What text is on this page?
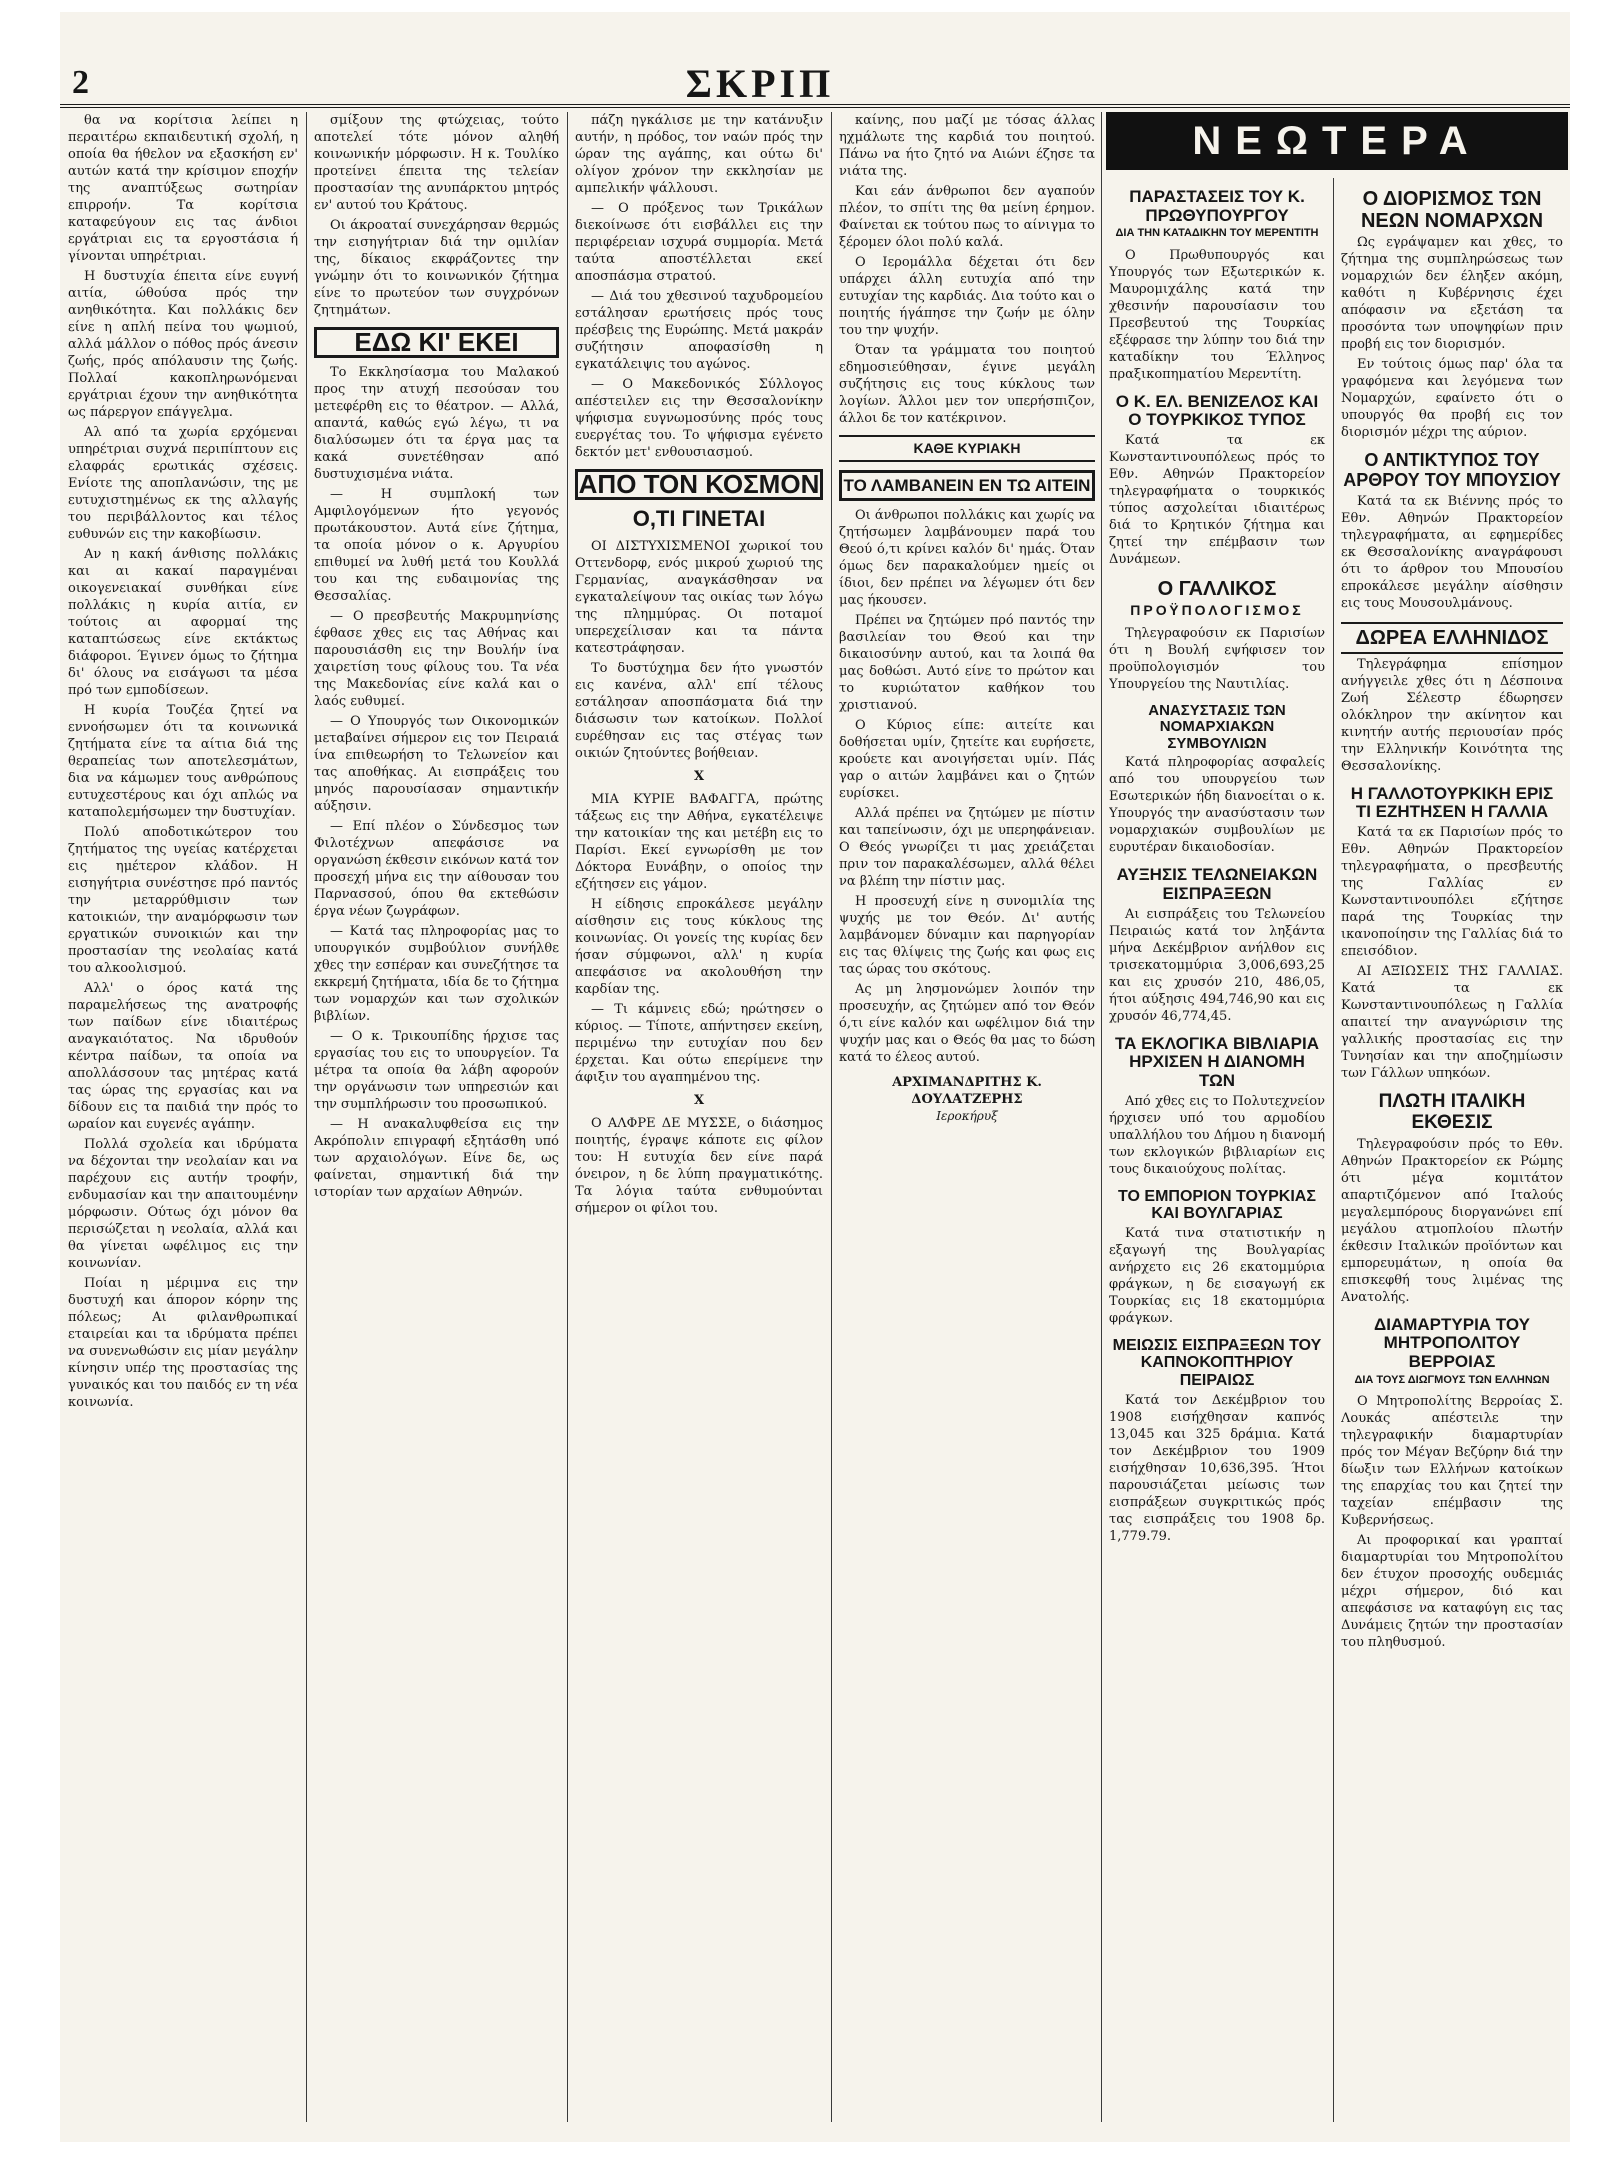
2	ΣΚΡΙΠ

θα να κορίτσια λείπει η περαιτέρω εκπαιδευτική σχολή, η οποία θα ήθελον να εξασκήση εν' αυτών κατά την κρίσιμον εποχήν της αναπτύξεως σωτηρίαν επιρροήν. Τα κορίτσια καταφεύγουν εις τας άνδιοι εργάτριαι εις τα εργοστάσια ή γίνονται υπηρέτριαι.

Η δυστυχία έπειτα είνε ευγνή αιτία, ώθούσα πρός την ανηθικότητα. Και πολλάκις δεν είνε η απλή πείνα του ψωμιού, αλλά μάλλον ο πόθος πρός άνεσιν ζωής, πρός απόλαυσιν της ζωής. Πολλαί κακοπληρωνόμεναι εργάτριαι έχουν την ανηθικότητα ως πάρεργον επάγγελμα.

Αλ από τα χωρία ερχόμεναι υπηρέτριαι συχνά περιπίπτουν εις ελαφράς ερωτικάς σχέσεις. Ενίοτε της αποπλανώσιν, της με ευτυχιστημένως εκ της αλλαγής του περιβάλλοντος και τέλος ευθυνών εις την κακοβίωσιν.

Αν η κακή άνθισης πολλάκις και αι κακαί παραγμέναι οικογενειακαί συνθήκαι είνε πολλάκις η κυρία αιτία, εν τούτοις αι αφορμαί της καταπτώσεως είνε εκτάκτως διάφοροι. Έγινεν όμως το ζήτημα δι' όλους να εισάγωσι τα μέσα πρό των εμποδίσεων.

Η κυρία Τουζέα ζητεί να εννοήσωμεν ότι τα κοινωνικά ζητήματα είνε τα αίτια διά της θεραπείας των αποτελεσμάτων, δια να κάμωμεν τους ανθρώπους ευτυχεστέρους και όχι απλώς να καταπολεμήσωμεν την δυστυχίαν.

Πολύ αποδοτικώτερον του ζητήματος της υγείας κατέρχεται εις ημέτερον κλάδον. Η εισηγήτρια συνέστησε πρό παντός την μεταρρύθμισιν των κατοικιών, την αναμόρφωσιν των εργατικών συνοικιών και την προστασίαν της νεολαίας κατά του αλκοολισμού.

Αλλ' ο όρος κατά της παραμελήσεως της ανατροφής των παίδων είνε ιδιαιτέρως αναγκαιότατος. Να ιδρυθούν κέντρα παίδων, τα οποία να απολλάσσουν τας μητέρας κατά τας ώρας της εργασίας και να δίδουν εις τα παιδιά την πρός το ωραίον και ευγενές αγάπην.

Πολλά σχολεία και ιδρύματα να δέχονται την νεολαίαν και να παρέχουν εις αυτήν τροφήν, ενδυμασίαν και την απαιτουμένην μόρφωσιν. Ούτως όχι μόνον θα περισώζεται η νεολαία, αλλά και θα γίνεται ωφέλιμος εις την κοινωνίαν.

Ποίαι η μέριμνα εις την δυστυχή και άπορον κόρην της πόλεως; Αι φιλανθρωπικαί εταιρείαι και τα ιδρύματα πρέπει να συνενωθώσιν εις μίαν μεγάλην κίνησιν υπέρ της προστασίας της γυναικός και του παιδός εν τη νέα κοινωνία.

σμίξουν της φτώχειας, τούτο αποτελεί τότε μόνον αληθή κοινωνικήν μόρφωσιν. Η κ. Τουλίκο προτείνει έπειτα της τελείαν προστασίαν της ανυπάρκτου μητρός εν' αυτού του Κράτους.

Οι άκροαταί συνεχάρησαν θερμώς την εισηγήτριαν διά την ομιλίαν της, δίκαιος εκφράζοντες την γνώμην ότι το κοινωνικόν ζήτημα είνε το πρωτεύον των συγχρόνων ζητημάτων.

ΕΔΩ ΚΙ' ΕΚΕΙ

Το Εκκλησίασμα του Μαλακού προς την ατυχή πεσούσαν του μετεφέρθη εις το θέατρον. — Αλλά, απαντά, καθώς εγώ λέγω, τι να διαλύσωμεν ότι τα έργα μας τα κακά συνετέθησαν από δυστυχισμένα νιάτα.

— Η συμπλοκή των Αμφιλογόμενων ήτο γεγονός πρωτάκουστον. Αυτά είνε ζήτημα, τα οποία μόνον ο κ. Αργυρίου επιθυμεί να λυθή μετά του Κουλλά του και της ευδαιμονίας της Θεσσαλίας.

— Ο πρεσβευτής Μακρυμηνίσης έφθασε χθες εις τας Αθήνας και παρουσιάσθη εις την Βουλήν ίνα χαιρετίση τους φίλους του. Τα νέα της Μακεδονίας είνε καλά και ο λαός ευθυμεί.

— Ο Υπουργός των Οικονομικών μεταβαίνει σήμερον εις τον Πειραιά ίνα επιθεωρήση το Τελωνείον και τας αποθήκας. Αι εισπράξεις του μηνός παρουσίασαν σημαντικήν αύξησιν.

— Επί πλέον ο Σύνδεσμος των Φιλοτέχνων απεφάσισε να οργανώση έκθεσιν εικόνων κατά τον προσεχή μήνα εις την αίθουσαν του Παρνασσού, όπου θα εκτεθώσιν έργα νέων ζωγράφων.

— Κατά τας πληροφορίας μας το υπουργικόν συμβούλιον συνήλθε χθες την εσπέραν και συνεζήτησε τα εκκρεμή ζητήματα, ιδία δε το ζήτημα των νομαρχών και των σχολικών βιβλίων.

— Ο κ. Τρικουπίδης ήρχισε τας εργασίας του εις το υπουργείον. Τα μέτρα τα οποία θα λάβη αφορούν την οργάνωσιν των υπηρεσιών και την συμπλήρωσιν του προσωπικού.

— Η ανακαλυφθείσα εις την Ακρόπολιν επιγραφή εξητάσθη υπό των αρχαιολόγων. Είνε δε, ως φαίνεται, σημαντική διά την ιστορίαν των αρχαίων Αθηνών.

πάζη ηγκάλισε με την κατάνυξιν αυτήν, η πρόδος, τον ναών πρός την ώραν της αγάπης, και ούτω δι' ολίγον χρόνον την εκκλησίαν με αμπελικήν ψάλλουσι.

— Ο πρόξενος των Τρικάλων διεκοίνωσε ότι εισβάλλει εις την περιφέρειαν ισχυρά συμμορία. Μετά ταύτα αποστέλλεται εκεί αποσπάσμα στρατού.

— Διά του χθεσινού ταχυδρομείου εστάλησαν ερωτήσεις πρός τους πρέσβεις της Ευρώπης. Μετά μακράν συζήτησιν αποφασίσθη η εγκατάλειψις του αγώνος.

— Ο Μακεδονικός Σύλλογος απέστειλεν εις την Θεσσαλονίκην ψήφισμα ευγνωμοσύνης πρός τους ευεργέτας του. Το ψήφισμα εγένετο δεκτόν μετ' ενθουσιασμού.

ΑΠΟ ΤΟΝ ΚΟΣΜΟΝ
Ο,ΤΙ ΓΙΝΕΤΑΙ

ΟΙ ΔΙΣΤΥΧΙΣΜΕΝΟΙ χωρικοί του Οττενδορφ, ενός μικρού χωριού της Γερμανίας, αναγκάσθησαν να εγκαταλείψουν τας οικίας των λόγω της πλημμύρας. Οι ποταμοί υπερεχείλισαν και τα πάντα κατεστράφησαν.

Το δυστύχημα δεν ήτο γνωστόν εις κανένα, αλλ' επί τέλους εστάλησαν αποσπάσματα διά την διάσωσιν των κατοίκων. Πολλοί ευρέθησαν εις τας στέγας των οικιών ζητούντες βοήθειαν.

Χ

ΜΙΑ ΚΥΡΙΕ ΒΑΦΑΓΓΑ, πρώτης τάξεως εις την Αθήνα, εγκατέλειψε την κατοικίαν της και μετέβη εις το Παρίσι. Εκεί εγνωρίσθη με τον Δόκτορα Ευνάβην, ο οποίος την εζήτησεν εις γάμον.

Η είδησις επροκάλεσε μεγάλην αίσθησιν εις τους κύκλους της κοινωνίας. Οι γονείς της κυρίας δεν ήσαν σύμφωνοι, αλλ' η κυρία απεφάσισε να ακολουθήση την καρδίαν της.

— Τι κάμνεις εδώ; ηρώτησεν ο κύριος. — Τίποτε, απήντησεν εκείνη, περιμένω την ευτυχίαν που δεν έρχεται. Και ούτω επερίμενε την άφιξιν του αγαπημένου της.

Χ

Ο ΑΛΦΡΕ ΔΕ ΜΥΣΣΕ, ο διάσημος ποιητής, έγραψε κάποτε εις φίλον του: Η ευτυχία δεν είνε παρά όνειρον, η δε λύπη πραγματικότης. Τα λόγια ταύτα ενθυμούνται σήμερον οι φίλοι του.

καίνης, που μαζί με τόσας άλλας ηχμάλωτε της καρδιά του ποιητού. Πάνω να ήτο ζητό να Αιώνι έζησε τα νιάτα της.

Και εάν άνθρωποι δεν αγαπούν πλέον, το σπίτι της θα μείνη έρημον. Φαίνεται εκ τούτου πως το αίνιγμα το ξέρομεν όλοι πολύ καλά.

Ο Ιερομάλλα δέχεται ότι δεν υπάρχει άλλη ευτυχία από την ευτυχίαν της καρδιάς. Δια τούτο και ο ποιητής ήγάπησε την ζωήν με όλην του την ψυχήν.

Όταν τα γράμματα του ποιητού εδημοσιεύθησαν, έγινε μεγάλη συζήτησις εις τους κύκλους των λογίων. Άλλοι μεν τον υπερήσπιζον, άλλοι δε τον κατέκρινον.

ΚΑΘΕ ΚΥΡΙΑΚΗ
ΤΟ ΛΑΜΒΑΝΕΙΝ ΕΝ ΤΩ ΑΙΤΕΙΝ

Οι άνθρωποι πολλάκις και χωρίς να ζητήσωμεν λαμβάνουμεν παρά του Θεού ό,τι κρίνει καλόν δι' ημάς. Όταν όμως δεν παρακαλούμεν ημείς οι ίδιοι, δεν πρέπει να λέγωμεν ότι δεν μας ήκουσεν.

Πρέπει να ζητώμεν πρό παντός την βασιλείαν του Θεού και την δικαιοσύνην αυτού, και τα λοιπά θα μας δοθώσι. Αυτό είνε το πρώτον και το κυριώτατον καθήκον του χριστιανού.

Ο Κύριος είπε: αιτείτε και δοθήσεται υμίν, ζητείτε και ευρήσετε, κρούετε και ανοιγήσεται υμίν. Πάς γαρ ο αιτών λαμβάνει και ο ζητών ευρίσκει.

Αλλά πρέπει να ζητώμεν με πίστιν και ταπείνωσιν, όχι με υπερηφάνειαν. Ο Θεός γνωρίζει τι μας χρειάζεται πριν τον παρακαλέσωμεν, αλλά θέλει να βλέπη την πίστιν μας.

Η προσευχή είνε η συνομιλία της ψυχής με τον Θεόν. Δι' αυτής λαμβάνομεν δύναμιν και παρηγορίαν εις τας θλίψεις της ζωής και φως εις τας ώρας του σκότους.

Ας μη λησμονώμεν λοιπόν την προσευχήν, ας ζητώμεν από τον Θεόν ό,τι είνε καλόν και ωφέλιμον διά την ψυχήν μας και ο Θεός θα μας το δώση κατά το έλεος αυτού.

ΑΡΧΙΜΑΝΔΡΙΤΗΣ Κ. ΔΟΥΛΑΤΖΕΡΗΣ
Ιεροκήρυξ
ΝΕΩΤΕΡΑ
ΠΑΡΑΣΤΑΣΕΙΣ ΤΟΥ Κ. ΠΡΩΘΥΠΟΥΡΓΟΥ
ΔΙΑ ΤΗΝ ΚΑΤΑΔΙΚΗΝ ΤΟΥ ΜΕΡΕΝΤΙΤΗ

Ο Πρωθυπουργός και Υπουργός των Εξωτερικών κ. Μαυρομιχάλης κατά την χθεσινήν παρουσίασιν του Πρεσβευτού της Τουρκίας εξέφρασε την λύπην του διά την καταδίκην του Έλληνος πραξικοπηματίου Μερεντίτη.

Ο Κ. ΕΛ. ΒΕΝΙΖΕΛΟΣ ΚΑΙ Ο ΤΟΥΡΚΙΚΟΣ ΤΥΠΟΣ

Κατά τα εκ Κωνσταντινουπόλεως πρός το Εθν. Αθηνών Πρακτορείον τηλεγραφήματα ο τουρκικός τύπος ασχολείται ιδιαιτέρως διά το Κρητικόν ζήτημα και ζητεί την επέμβασιν των Δυνάμεων.

Ο ΓΑΛΛΙΚΟΣ
ΠΡΟΫΠΟΛΟΓΙΣΜΟΣ

Τηλεγραφούσιν εκ Παρισίων ότι η Βουλή εψήφισεν τον προϋπολογισμόν του Υπουργείου της Ναυτιλίας.

ΑΝΑΣΥΣΤΑΣΙΣ ΤΩΝ ΝΟΜΑΡΧΙΑΚΩΝ ΣΥΜΒΟΥΛΙΩΝ

Κατά πληροφορίας ασφαλείς από του υπουργείου των Εσωτερικών ήδη διανοείται ο κ. Υπουργός την ανασύστασιν των νομαρχιακών συμβουλίων με ευρυτέραν δικαιοδοσίαν.

ΑΥΞΗΣΙΣ ΤΕΛΩΝΕΙΑΚΩΝ ΕΙΣΠΡΑΞΕΩΝ

Αι εισπράξεις του Τελωνείου Πειραιώς κατά τον ληξάντα μήνα Δεκέμβριον ανήλθον εις τρισεκατομμύρια 3,006,693,25 και εις χρυσόν 210, 486,05, ήτοι αύξησις 494,746,90 και εις χρυσόν 46,774,45.

ΤΑ ΕΚΛΟΓΙΚΑ ΒΙΒΛΙΑΡΙΑ ΗΡΧΙΣΕΝ Η ΔΙΑΝΟΜΗ ΤΩΝ

Από χθες εις το Πολυτεχνείον ήρχισεν υπό του αρμοδίου υπαλλήλου του Δήμου η διανομή των εκλογικών βιβλιαρίων εις τους δικαιούχους πολίτας.

ΤΟ ΕΜΠΟΡΙΟΝ ΤΟΥΡΚΙΑΣ ΚΑΙ ΒΟΥΛΓΑΡΙΑΣ

Κατά τινα στατιστικήν η εξαγωγή της Βουλγαρίας ανήρχετο εις 26 εκατομμύρια φράγκων, η δε εισαγωγή εκ Τουρκίας εις 18 εκατομμύρια φράγκων.

ΜΕΙΩΣΙΣ ΕΙΣΠΡΑΞΕΩΝ ΤΟΥ ΚΑΠΝΟΚΟΠΤΗΡΙΟΥ ΠΕΙΡΑΙΩΣ

Κατά τον Δεκέμβριον του 1908 εισήχθησαν καπνός 13,045 και 325 δράμια. Κατά τον Δεκέμβριον του 1909 εισήχθησαν 10,636,395. Ήτοι παρουσιάζεται μείωσις των εισπράξεων συγκριτικώς πρός τας εισπράξεις του 1908 δρ. 1,779.79.

Ο ΔΙΟΡΙΣΜΟΣ ΤΩΝ ΝΕΩΝ ΝΟΜΑΡΧΩΝ

Ως εγράψαμεν και χθες, το ζήτημα της συμπληρώσεως των νομαρχιών δεν έληξεν ακόμη, καθότι η Κυβέρνησις έχει απόφασιν να εξετάση τα προσόντα των υποψηφίων πριν προβή εις τον διορισμόν.

Εν τούτοις όμως παρ' όλα τα γραφόμενα και λεγόμενα των Νομαρχών, εφαίνετο ότι ο υπουργός θα προβή εις τον διορισμόν μέχρι της αύριον.

Ο ΑΝΤΙΚΤΥΠΟΣ ΤΟΥ ΑΡΘΡΟΥ ΤΟΥ ΜΠΟΥΣΙΟΥ

Κατά τα εκ Βιέννης πρός το Εθν. Αθηνών Πρακτορείον τηλεγραφήματα, αι εφημερίδες εκ Θεσσαλονίκης αναγράφουσι ότι το άρθρον του Μπουσίου επροκάλεσε μεγάλην αίσθησιν εις τους Μουσουλμάνους.

ΔΩΡΕΑ ΕΛΛΗΝΙΔΟΣ

Τηλεγράφημα επίσημον ανήγγειλε χθες ότι η Δέσποινα Ζωή Σέλεστρ έδωρησεν ολόκληρον την ακίνητον και κινητήν αυτής περιουσίαν πρός την Ελληνικήν Κοινότητα της Θεσσαλονίκης.

Η ΓΑΛΛΟΤΟΥΡΚΙΚΗ ΕΡΙΣ ΤΙ ΕΖΗΤΗΣΕΝ Η ΓΑΛΛΙΑ

Κατά τα εκ Παρισίων πρός το Εθν. Αθηνών Πρακτορείον τηλεγραφήματα, ο πρεσβευτής της Γαλλίας εν Κωνσταντινουπόλει εζήτησε παρά της Τουρκίας την ικανοποίησιν της Γαλλίας διά το επεισόδιον.

ΑΙ ΑΞΙΩΣΕΙΣ ΤΗΣ ΓΑΛΛΙΑΣ. Κατά τα εκ Κωνσταντινουπόλεως η Γαλλία απαιτεί την αναγνώρισιν της γαλλικής προστασίας εις την Τυνησίαν και την αποζημίωσιν των Γάλλων υπηκόων.

ΠΛΩΤΗ ΙΤΑΛΙΚΗ ΕΚΘΕΣΙΣ

Τηλεγραφούσιν πρός το Εθν. Αθηνών Πρακτορείον εκ Ρώμης ότι μέγα κομιτάτον απαρτιζόμενον από Ιταλούς μεγαλεμπόρους διοργανώνει επί μεγάλου ατμοπλοίου πλωτήν έκθεσιν Ιταλικών προϊόντων και εμπορευμάτων, η οποία θα επισκεφθή τους λιμένας της Ανατολής.

ΔΙΑΜΑΡΤΥΡΙΑ ΤΟΥ ΜΗΤΡΟΠΟΛΙΤΟΥ ΒΕΡΡΟΙΑΣ
ΔΙΑ ΤΟΥΣ ΔΙΩΓΜΟΥΣ ΤΩΝ ΕΛΛΗΝΩΝ

Ο Μητροπολίτης Βερροίας Σ. Λουκάς απέστειλε την τηλεγραφικήν διαμαρτυρίαν πρός τον Μέγαν Βεζύρην διά την δίωξιν των Ελλήνων κατοίκων της επαρχίας του και ζητεί την ταχείαν επέμβασιν της Κυβερνήσεως.

Αι προφορικαί και γραπταί διαμαρτυρίαι του Μητροπολίτου δεν έτυχον προσοχής ουδεμιάς μέχρι σήμερον, διό και απεφάσισε να καταφύγη εις τας Δυνάμεις ζητών την προστασίαν του πληθυσμού.
